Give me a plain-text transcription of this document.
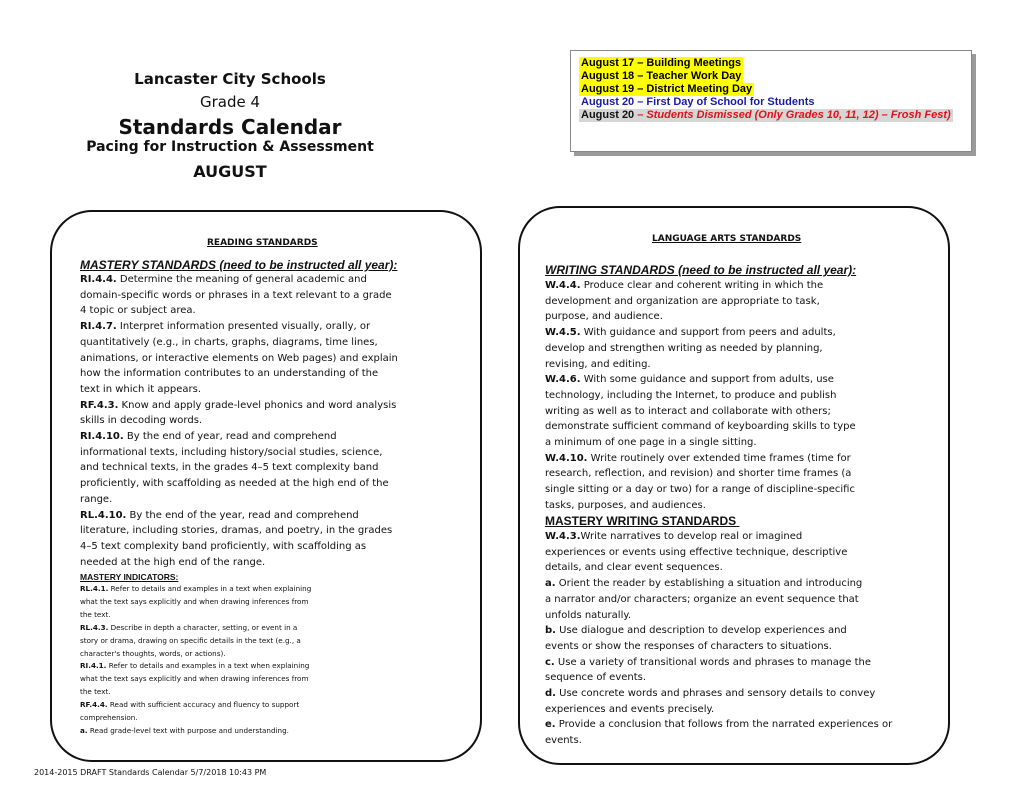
Lancaster City Schools
Grade 4
Standards Calendar
Pacing for Instruction & Assessment
AUGUST
August 17 – Building Meetings
August 18 – Teacher Work Day
August 19 – District Meeting Day
August 20 – First Day of School for Students
August 20 – Students Dismissed (Only Grades 10, 11, 12) – Frosh Fest)
READING STANDARDS
MASTERY STANDARDS (need to be instructed all year):
RI.4.4. Determine the meaning of general academic and
domain-specific words or phrases in a text relevant to a grade
4 topic or subject area.
RI.4.7. Interpret information presented visually, orally, or
quantitatively (e.g., in charts, graphs, diagrams, time lines,
animations, or interactive elements on Web pages) and explain
how the information contributes to an understanding of the
text in which it appears.
RF.4.3. Know and apply grade-level phonics and word analysis
skills in decoding words.
RI.4.10. By the end of year, read and comprehend
informational texts, including history/social studies, science,
and technical texts, in the grades 4–5 text complexity band
proficiently, with scaffolding as needed at the high end of the
range.
RL.4.10. By the end of the year, read and comprehend
literature, including stories, dramas, and poetry, in the grades
4–5 text complexity band proficiently, with scaffolding as
needed at the high end of the range.
MASTERY INDICATORS:
RL.4.1. Refer to details and examples in a text when explaining
what the text says explicitly and when drawing inferences from
the text.
RL.4.3. Describe in depth a character, setting, or event in a
story or drama, drawing on specific details in the text (e.g., a
character's thoughts, words, or actions).
RI.4.1. Refer to details and examples in a text when explaining
what the text says explicitly and when drawing inferences from
the text.
RF.4.4. Read with sufficient accuracy and fluency to support
comprehension.
a. Read grade-level text with purpose and understanding.
LANGUAGE ARTS STANDARDS
WRITING STANDARDS (need to be instructed all year):
W.4.4. Produce clear and coherent writing in which the
development and organization are appropriate to task,
purpose, and audience.
W.4.5. With guidance and support from peers and adults,
develop and strengthen writing as needed by planning,
revising, and editing.
W.4.6. With some guidance and support from adults, use
technology, including the Internet, to produce and publish
writing as well as to interact and collaborate with others;
demonstrate sufficient command of keyboarding skills to type
a minimum of one page in a single sitting.
W.4.10. Write routinely over extended time frames (time for
research, reflection, and revision) and shorter time frames (a
single sitting or a day or two) for a range of discipline-specific
tasks, purposes, and audiences.
MASTERY WRITING STANDARDS
W.4.3.Write narratives to develop real or imagined
experiences or events using effective technique, descriptive
details, and clear event sequences.
a. Orient the reader by establishing a situation and introducing
a narrator and/or characters; organize an event sequence that
unfolds naturally.
b. Use dialogue and description to develop experiences and
events or show the responses of characters to situations.
c. Use a variety of transitional words and phrases to manage the
sequence of events.
d. Use concrete words and phrases and sensory details to convey
experiences and events precisely.
e. Provide a conclusion that follows from the narrated experiences or
events.
2014-2015 DRAFT Standards Calendar 5/7/2018 10:43 PM
